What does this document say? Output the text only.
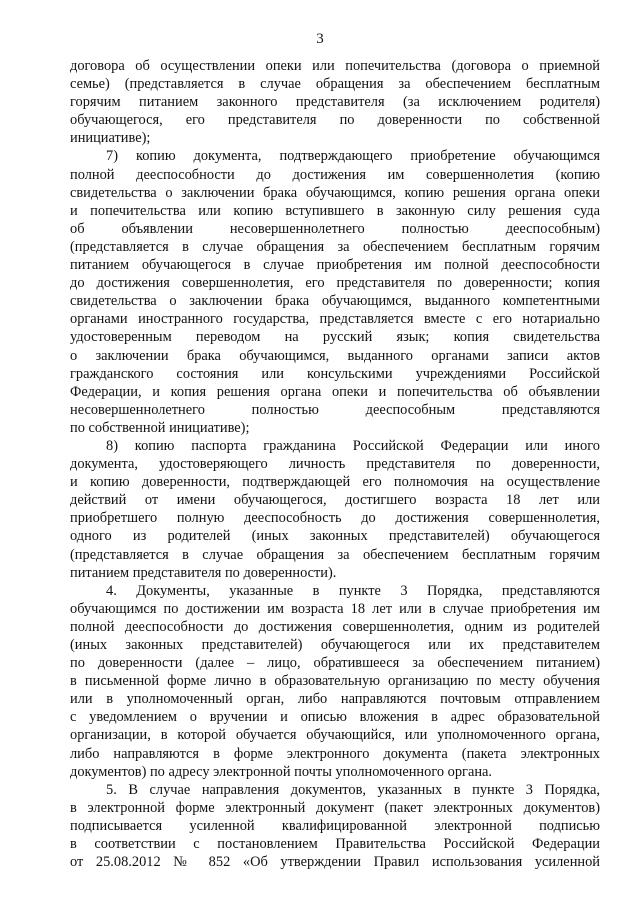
3
договора об осуществлении опеки или попечительства (договора о приемной
семье) (представляется в случае обращения за обеспечением бесплатным
горячим питанием законного представителя (за исключением родителя)
обучающегося, его представителя по доверенности по собственной
инициативе);
7) копию документа, подтверждающего приобретение обучающимся
полной дееспособности до достижения им совершеннолетия (копию
свидетельства о заключении брака обучающимся, копию решения органа опеки
и попечительства или копию вступившего в законную силу решения суда
об объявлении несовершеннолетнего полностью дееспособным)
(представляется в случае обращения за обеспечением бесплатным горячим
питанием обучающегося в случае приобретения им полной дееспособности
до достижения совершеннолетия, его представителя по доверенности; копия
свидетельства о заключении брака обучающимся, выданного компетентными
органами иностранного государства, представляется вместе с его нотариально
удостоверенным переводом на русский язык; копия свидетельства
о заключении брака обучающимся, выданного органами записи актов
гражданского состояния или консульскими учреждениями Российской
Федерации, и копия решения органа опеки и попечительства об объявлении
несовершеннолетнего полностью дееспособным представляются
по собственной инициативе);
8) копию паспорта гражданина Российской Федерации или иного
документа, удостоверяющего личность представителя по доверенности,
и копию доверенности, подтверждающей его полномочия на осуществление
действий от имени обучающегося, достигшего возраста 18 лет или
приобретшего полную дееспособность до достижения совершеннолетия,
одного из родителей (иных законных представителей) обучающегося
(представляется в случае обращения за обеспечением бесплатным горячим
питанием представителя по доверенности).
4. Документы, указанные в пункте 3 Порядка, представляются
обучающимся по достижении им возраста 18 лет или в случае приобретения им
полной дееспособности до достижения совершеннолетия, одним из родителей
(иных законных представителей) обучающегося или их представителем
по доверенности (далее – лицо, обратившееся за обеспечением питанием)
в письменной форме лично в образовательную организацию по месту обучения
или в уполномоченный орган, либо направляются почтовым отправлением
с уведомлением о вручении и описью вложения в адрес образовательной
организации, в которой обучается обучающийся, или уполномоченного органа,
либо направляются в форме электронного документа (пакета электронных
документов) по адресу электронной почты уполномоченного органа.
5. В случае направления документов, указанных в пункте 3 Порядка,
в электронной форме электронный документ (пакет электронных документов)
подписывается усиленной квалифицированной электронной подписью
в соответствии с постановлением Правительства Российской Федерации
от 25.08.2012 № 852 «Об утверждении Правил использования усиленной
